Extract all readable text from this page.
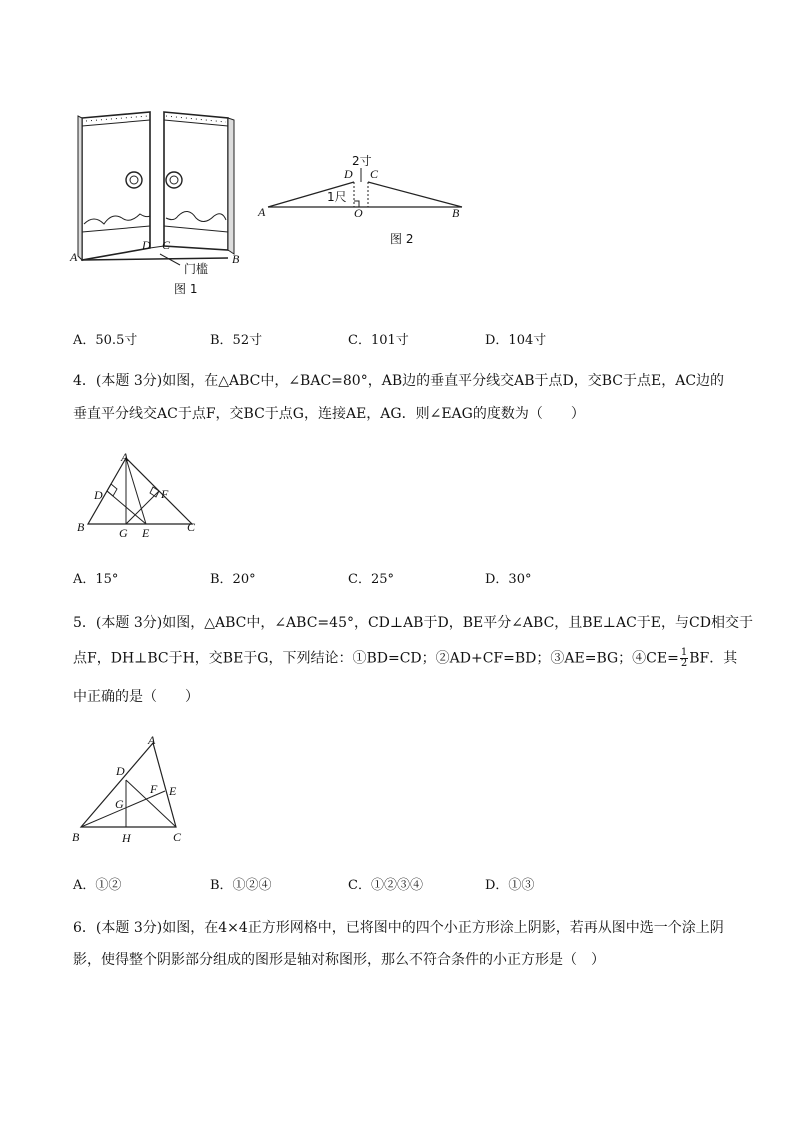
A
D C
B
门槛
图 1
2寸
D C
1尺
A	O	B
图 2
A．50.5寸	B．52寸	C．101寸	D．104寸
4．(本题 3分)如图，在△ABC中，∠BAC=80°，AB边的垂直平分线交AB于点D，交BC于点E，AC边的
垂直平分线交AC于点F，交BC于点G，连接AE，AG．则∠EAG的度数为（　　）
A
D	F
B	G E	C
A．15°	B．20°	C．25°	D．30°
5．(本题 3分)如图，△ABC中，∠ABC=45°，CD⊥AB于D，BE平分∠ABC，且BE⊥AC于E，与CD相交于
点F，DH⊥BC于H，交BE于G，下列结论：①BD=CD；②AD+CF=BD；③AE=BG；④CE= $\frac{1}{2}$ BF．其
中正确的是（　　）
A
D
F E
G
B	H	C
A．①②	B．①②④	C．①②③④	D．①③
6．(本题 3分)如图，在4×4正方形网格中，已将图中的四个小正方形涂上阴影，若再从图中选一个涂上阴
影，使得整个阴影部分组成的图形是轴对称图形，那么不符合条件的小正方形是（　）
